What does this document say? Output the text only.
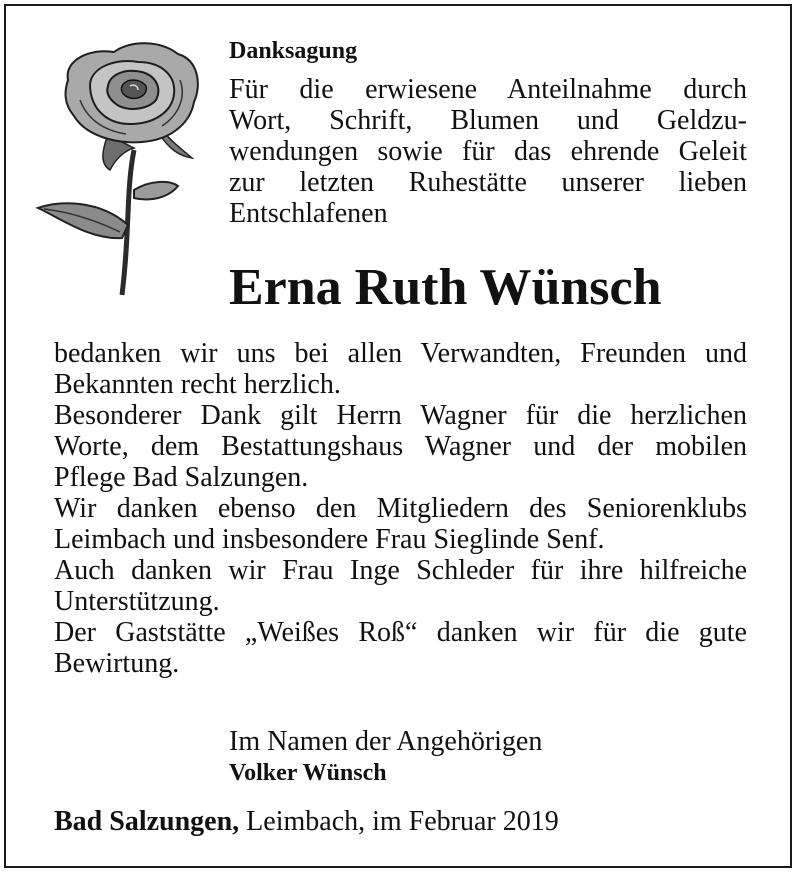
Danksagung
Für die erwiesene Anteilnahme durch
Wort, Schrift, Blumen und Geldzu-
wendungen sowie für das ehrende Geleit
zur letzten Ruhestätte unserer lieben
Entschlafenen
Erna Ruth Wünsch
bedanken wir uns bei allen Verwandten, Freunden und
Bekannten recht herzlich.
Besonderer Dank gilt Herrn Wagner für die herzlichen
Worte, dem Bestattungshaus Wagner und der mobilen
Pflege Bad Salzungen.
Wir danken ebenso den Mitgliedern des Seniorenklubs
Leimbach und insbesondere Frau Sieglinde Senf.
Auch danken wir Frau Inge Schleder für ihre hilfreiche
Unterstützung.
Der Gaststätte „Weißes Roß“ danken wir für die gute
Bewirtung.

Im Namen der Angehörigen

Volker Wünsch

Bad Salzungen, Leimbach, im Februar 2019
